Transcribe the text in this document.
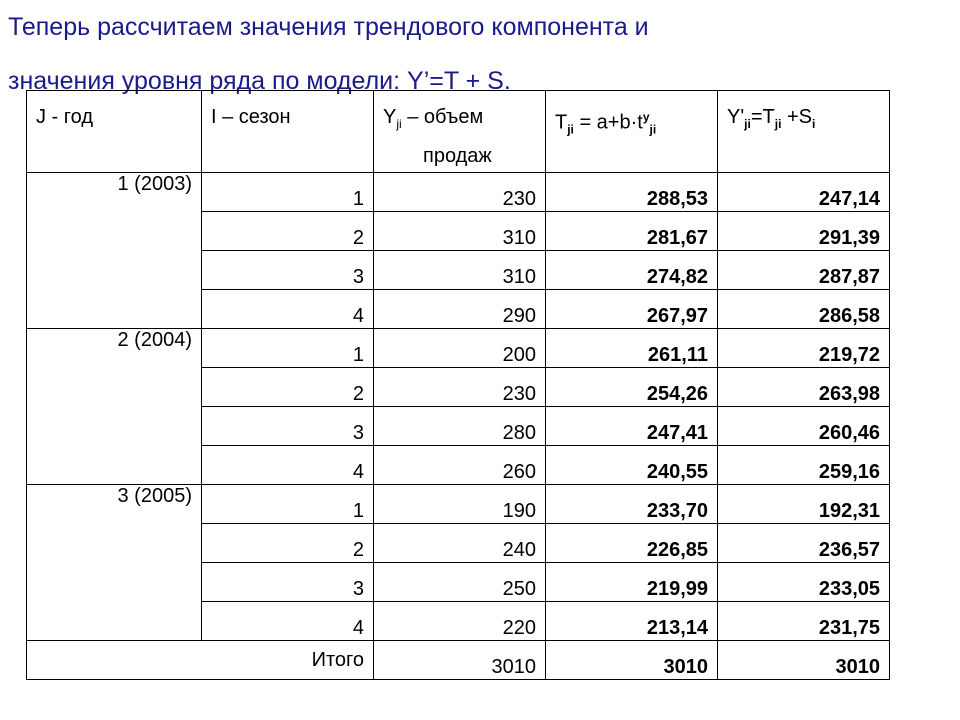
Теперь рассчитаем значения трендового компонента и
значения уровня ряда по модели: Y’=T + S.
J - год	I – сезон	$Y_{ji}$ – объем
продаж	$T_{ji} = a+b\cdot t^y_{ji}$	$Y'_{ji}=T_{ji} +S_i$

1 (2003)	1	230	288,53	247,14
	2	310	281,67	291,39
	3	310	274,82	287,87
	4	290	267,97	286,58
2 (2004)	1	200	261,11	219,72
	2	230	254,26	263,98
	3	280	247,41	260,46
	4	260	240,55	259,16
3 (2005)	1	190	233,70	192,31
	2	240	226,85	236,57
	3	250	219,99	233,05
	4	220	213,14	231,75
Итого		3010	3010	3010
